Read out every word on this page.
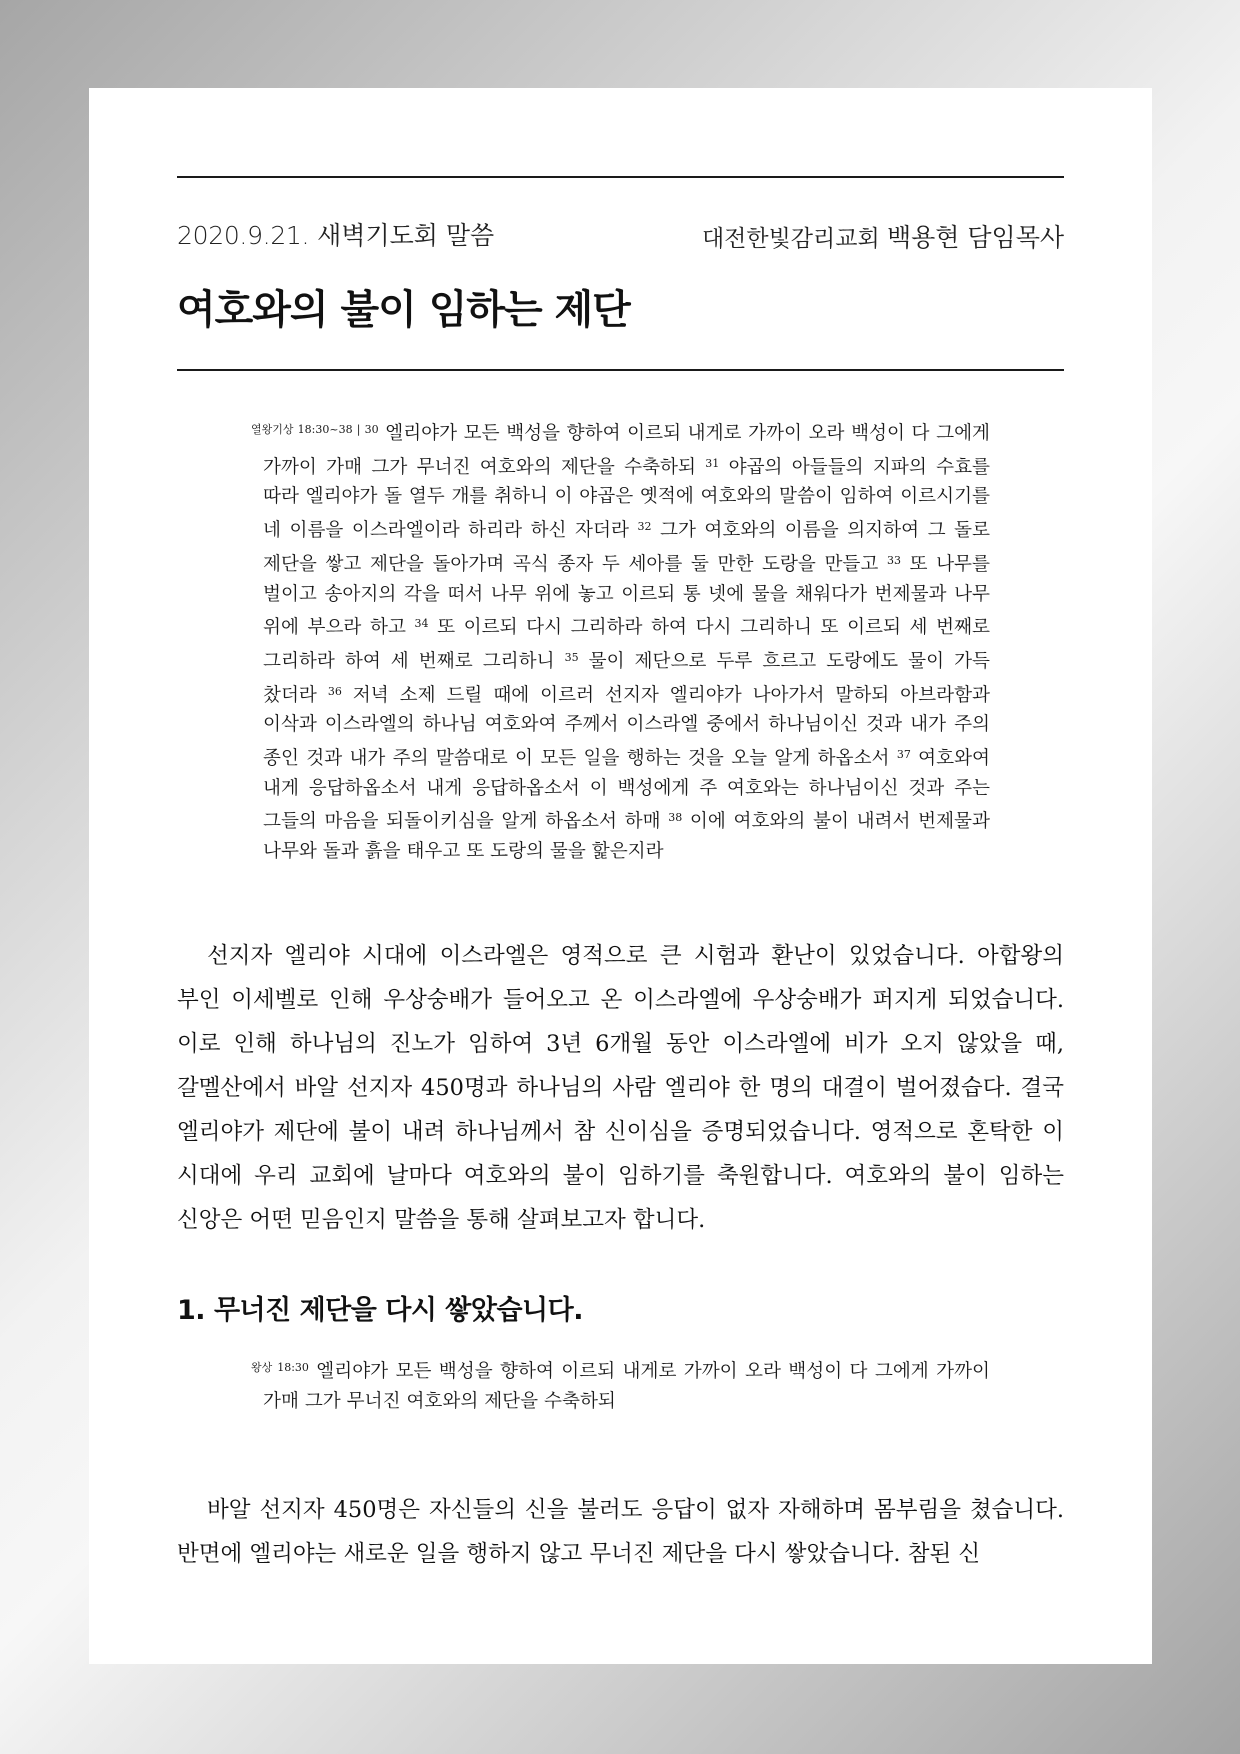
2020.9.21. 새벽기도회 말씀	대전한빛감리교회 백용현 담임목사
여호와의 불이 임하는 제단

$^{열왕기상 18:30\sim 38 | 30}$ 엘리야가 모든 백성을 향하여 이르되 내게로 가까이 오라 백성이 다 그에게 가까이 가매 그가 무너진 여호와의 제단을 수축하되 $^{31}$ 야곱의 아들들의 지파의 수효를 따라 엘리야가 돌 열두 개를 취하니 이 야곱은 옛적에 여호와의 말씀이 임하여 이르시기를 네 이름을 이스라엘이라 하리라 하신 자더라 $^{32}$ 그가 여호와의 이름을 의지하여 그 돌로 제단을 쌓고 제단을 돌아가며 곡식 종자 두 세아를 둘 만한 도랑을 만들고 $^{33}$ 또 나무를 벌이고 송아지의 각을 떠서 나무 위에 놓고 이르되 통 넷에 물을 채워다가 번제물과 나무 위에 부으라 하고 $^{34}$ 또 이르되 다시 그리하라 하여 다시 그리하니 또 이르되 세 번째로 그리하라 하여 세 번째로 그리하니 $^{35}$ 물이 제단으로 두루 흐르고 도랑에도 물이 가득 찼더라 $^{36}$ 저녁 소제 드릴 때에 이르러 선지자 엘리야가 나아가서 말하되 아브라함과 이삭과 이스라엘의 하나님 여호와여 주께서 이스라엘 중에서 하나님이신 것과 내가 주의 종인 것과 내가 주의 말씀대로 이 모든 일을 행하는 것을 오늘 알게 하옵소서 $^{37}$ 여호와여 내게 응답하옵소서 내게 응답하옵소서 이 백성에게 주 여호와는 하나님이신 것과 주는 그들의 마음을 되돌이키심을 알게 하옵소서 하매 $^{38}$ 이에 여호와의 불이 내려서 번제물과 나무와 돌과 흙을 태우고 또 도랑의 물을 핥은지라

선지자 엘리야 시대에 이스라엘은 영적으로 큰 시험과 환난이 있었습니다. 아합왕의 부인 이세벨로 인해 우상숭배가 들어오고 온 이스라엘에 우상숭배가 퍼지게 되었습니다. 이로 인해 하나님의 진노가 임하여 3년 6개월 동안 이스라엘에 비가 오지 않았을 때, 갈멜산에서 바알 선지자 450명과 하나님의 사람 엘리야 한 명의 대결이 벌어졌습다. 결국 엘리야가 제단에 불이 내려 하나님께서 참 신이심을 증명되었습니다. 영적으로 혼탁한 이 시대에 우리 교회에 날마다 여호와의 불이 임하기를 축원합니다. 여호와의 불이 임하는 신앙은 어떤 믿음인지 말씀을 통해 살펴보고자 합니다.

1. 무너진 제단을 다시 쌓았습니다.

$^{왕상 18:30}$ 엘리야가 모든 백성을 향하여 이르되 내게로 가까이 오라 백성이 다 그에게 가까이 가매 그가 무너진 여호와의 제단을 수축하되

바알 선지자 450명은 자신들의 신을 불러도 응답이 없자 자해하며 몸부림을 쳤습니다. 반면에 엘리야는 새로운 일을 행하지 않고 무너진 제단을 다시 쌓았습니다. 참된 신
